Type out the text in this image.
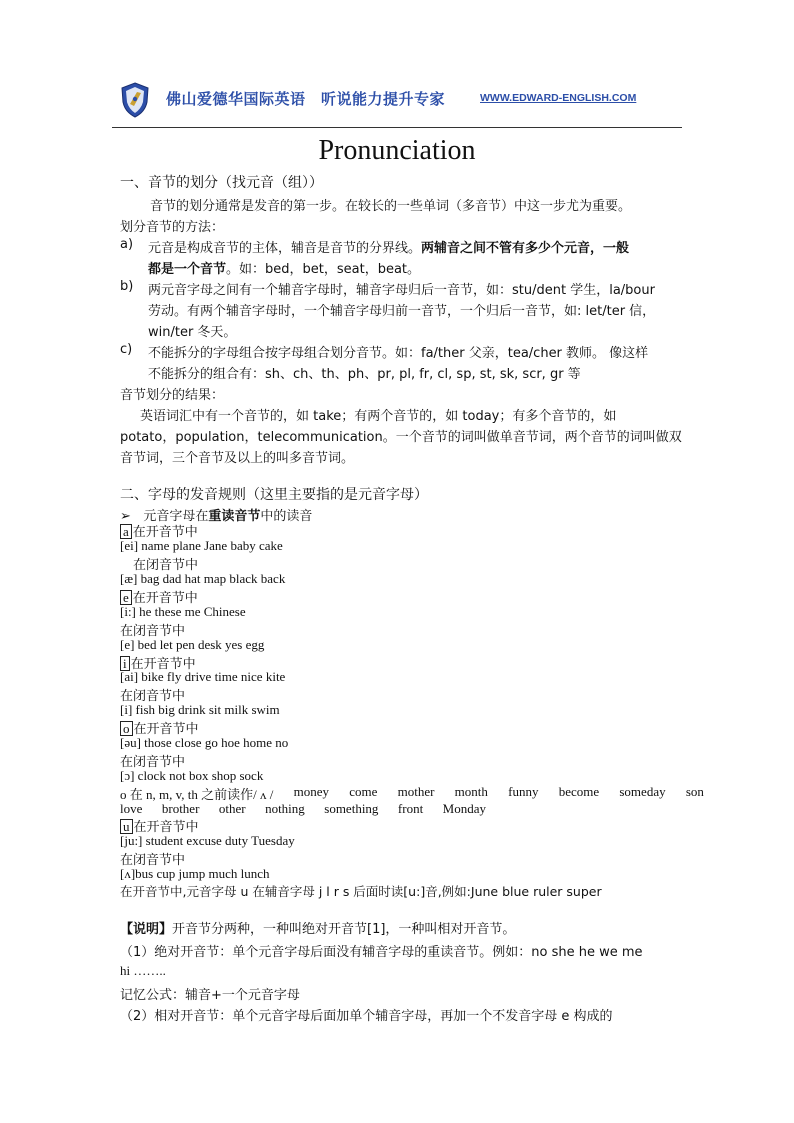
佛山爱德华国际英语　听说能力提升专家	WWW.EDWARD-ENGLISH.COM
Pronunciation
一、音节的划分（找元音（组））
音节的划分通常是发音的第一步。在较长的一些单词（多音节）中这一步尤为重要。
划分音节的方法：
a) 元音是构成音节的主体，辅音是音节的分界线。两辅音之间不管有多少个元音，一般
都是一个音节。如：bed，bet，seat，beat。
b) 两元音字母之间有一个辅音字母时，辅音字母归后一音节，如：stu/dent 学生，la/bour
劳动。有两个辅音字母时，一个辅音字母归前一音节，一个归后一音节，如: let/ter 信，
win/ter 冬天。
c) 不能拆分的字母组合按字母组合划分音节。如：fa/ther 父亲，tea/cher 教师。 像这样
不能拆分的组合有：sh、ch、th、ph、pr, pl, fr, cl, sp, st, sk, scr, gr 等
音节划分的结果：
英语词汇中有一个音节的，如 take；有两个音节的，如 today；有多个音节的，如
potato，population，telecommunication。一个音节的词叫做单音节词，两个音节的词叫做双
音节词，三个音节及以上的叫多音节词。
二、字母的发音规则（这里主要指的是元音字母）
➢ 元音字母在重读音节中的读音
a 在开音节中
[ei] name plane Jane baby cake
在闭音节中
[æ] bag dad hat map black back
e 在开音节中
[i:] he these me Chinese
在闭音节中
[e] bed let pen desk yes egg
i 在开音节中
[ai] bike fly drive time nice kite
在闭音节中
[i] fish big drink sit milk swim
o 在开音节中
[əu] those close go hoe home no
在闭音节中
[ɔ] clock not box shop sock
o 在 n, m, v, th 之前读作/ ʌ / money come mother month funny become someday son
love brother other nothing something front Monday
u 在开音节中
[ju:] student excuse duty Tuesday
在闭音节中
[ʌ]bus cup jump much lunch
在开音节中,元音字母 u 在辅音字母 j l r s 后面时读[u:]音,例如:June blue ruler super
【说明】开音节分两种，一种叫绝对开音节[1]，一种叫相对开音节。
（1）绝对开音节：单个元音字母后面没有辅音字母的重读音节。例如：no she he we me
hi ……..
记忆公式：辅音+一个元音字母
（2）相对开音节：单个元音字母后面加单个辅音字母，再加一个不发音字母 e 构成的
